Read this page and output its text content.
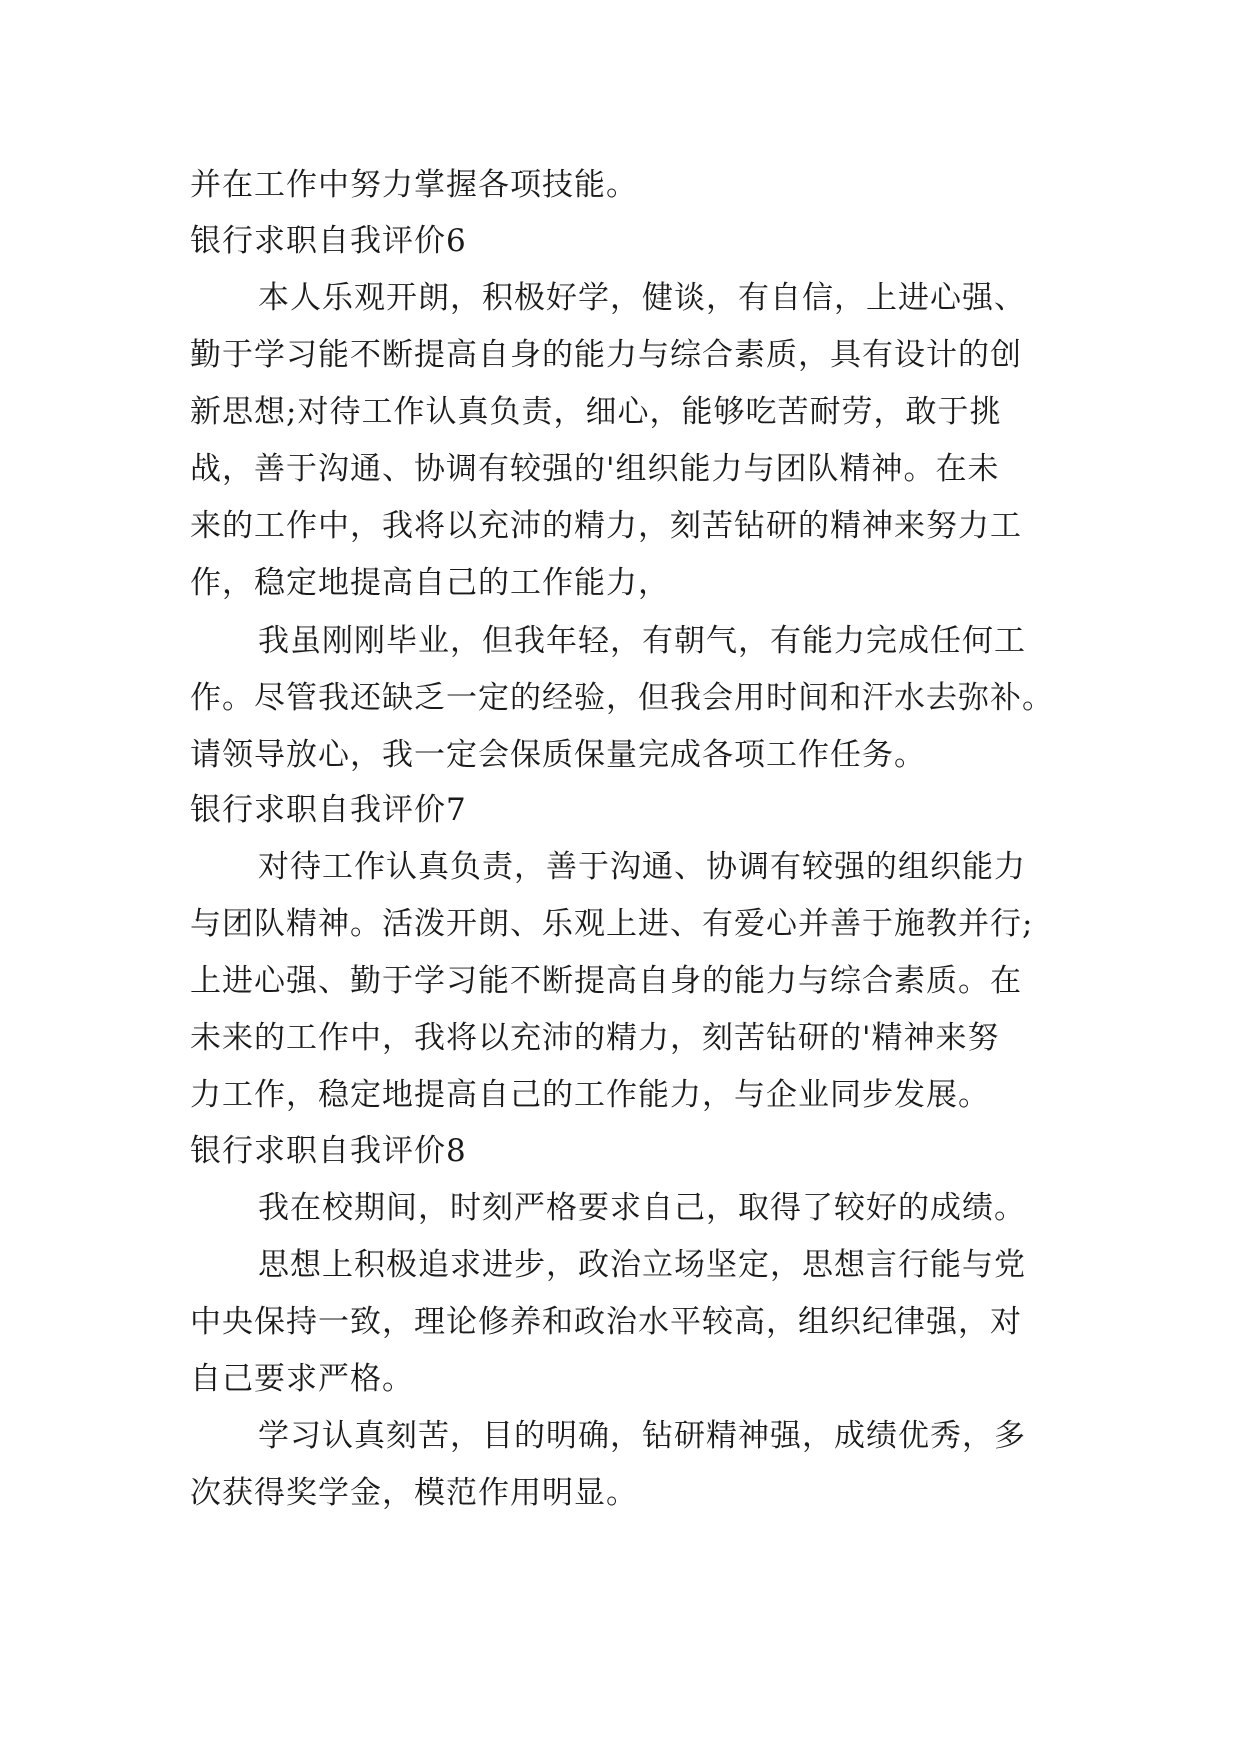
并在工作中努力掌握各项技能。
银行求职自我评价6
本人乐观开朗，积极好学，健谈，有自信，上进心强、
勤于学习能不断提高自身的能力与综合素质，具有设计的创
新思想;对待工作认真负责，细心，能够吃苦耐劳，敢于挑
战，善于沟通、协调有较强的'组织能力与团队精神。在未
来的工作中，我将以充沛的精力，刻苦钻研的精神来努力工
作，稳定地提高自己的工作能力，
我虽刚刚毕业，但我年轻，有朝气，有能力完成任何工
作。尽管我还缺乏一定的经验，但我会用时间和汗水去弥补。
请领导放心，我一定会保质保量完成各项工作任务。
银行求职自我评价7
对待工作认真负责，善于沟通、协调有较强的组织能力
与团队精神。活泼开朗、乐观上进、有爱心并善于施教并行;
上进心强、勤于学习能不断提高自身的能力与综合素质。在
未来的工作中，我将以充沛的精力，刻苦钻研的'精神来努
力工作，稳定地提高自己的工作能力，与企业同步发展。
银行求职自我评价8
我在校期间，时刻严格要求自己，取得了较好的成绩。
思想上积极追求进步，政治立场坚定，思想言行能与党
中央保持一致，理论修养和政治水平较高，组织纪律强，对
自己要求严格。
学习认真刻苦，目的明确，钻研精神强，成绩优秀，多
次获得奖学金，模范作用明显。
